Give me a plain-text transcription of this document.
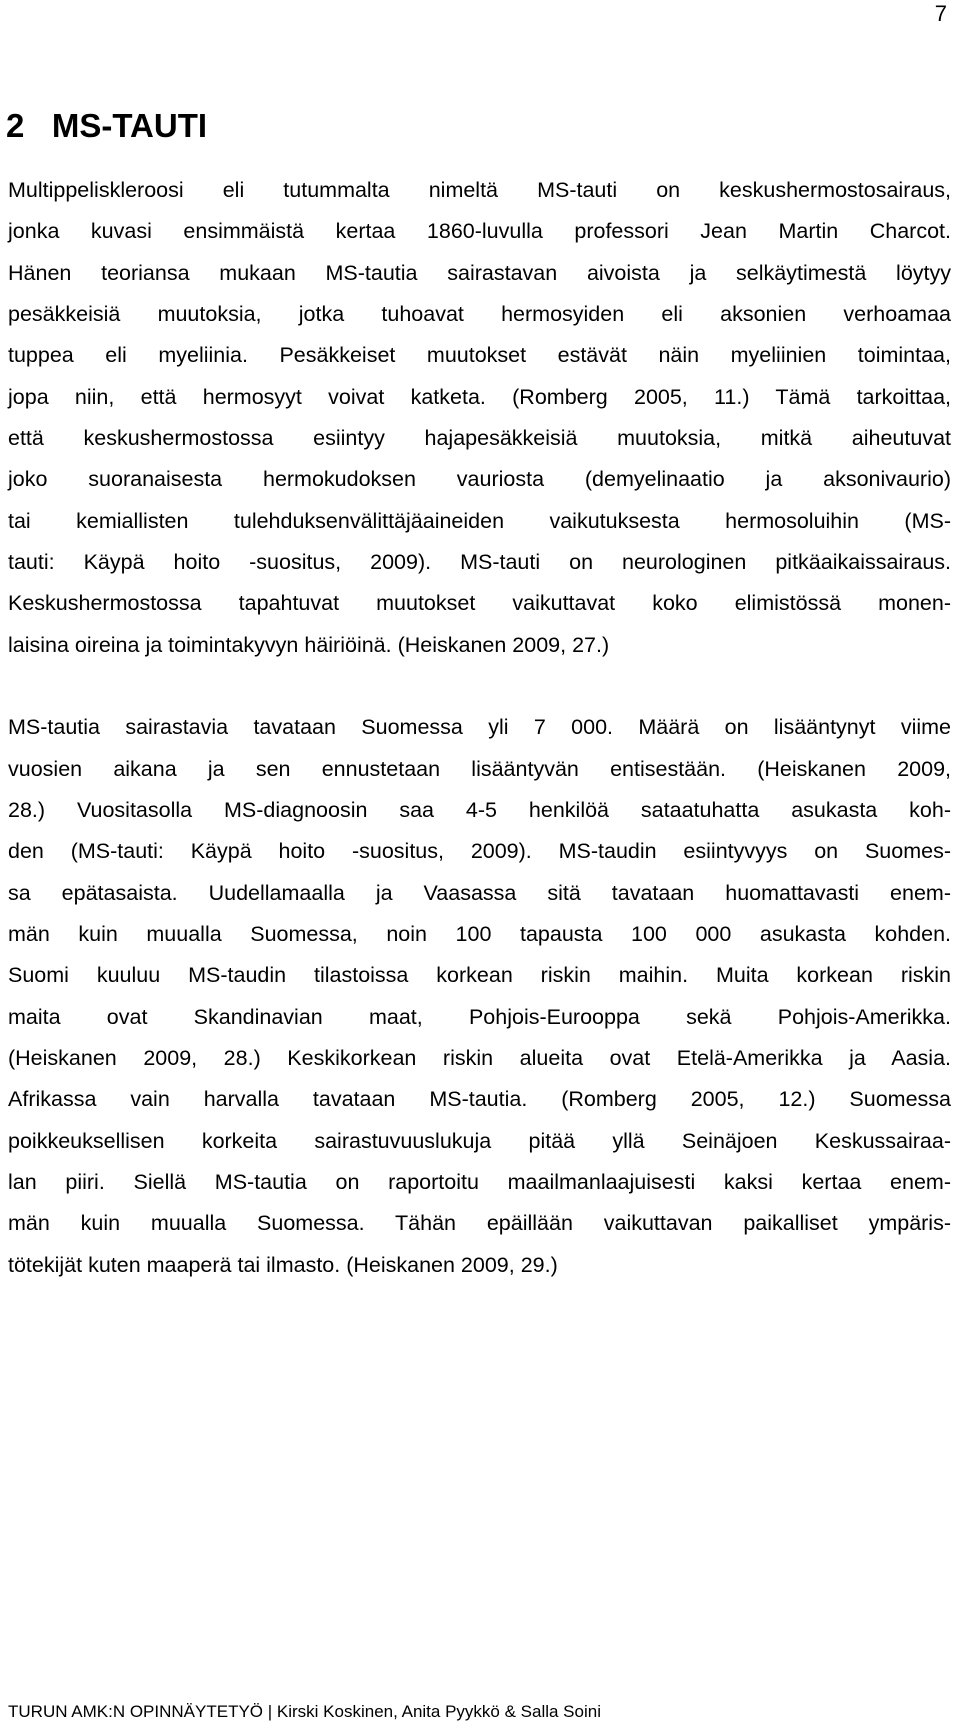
7
2   MS-TAUTI
Multippeliskleroosi eli tutummalta nimeltä MS-tauti on keskushermostosairaus,
jonka kuvasi ensimmäistä kertaa 1860-luvulla professori Jean Martin Charcot.
Hänen teoriansa mukaan MS-tautia sairastavan aivoista ja selkäytimestä löytyy
pesäkkeisiä muutoksia, jotka tuhoavat hermosyiden eli aksonien verhoamaa
tuppea eli myeliinia. Pesäkkeiset muutokset estävät näin myeliinien toimintaa,
jopa niin, että hermosyyt voivat katketa. (Romberg 2005, 11.) Tämä tarkoittaa,
että keskushermostossa esiintyy hajapesäkkeisiä muutoksia, mitkä aiheutuvat
joko suoranaisesta hermokudoksen vauriosta (demyelinaatio ja aksonivaurio)
tai kemiallisten tulehduksenvälittäjäaineiden vaikutuksesta hermosoluihin (MS-
tauti: Käypä hoito -suositus, 2009). MS-tauti on neurologinen pitkäaikaissairaus.
Keskushermostossa tapahtuvat muutokset vaikuttavat koko elimistössä monen-
laisina oireina ja toimintakyvyn häiriöinä. (Heiskanen 2009, 27.)
MS-tautia sairastavia tavataan Suomessa yli 7 000. Määrä on lisääntynyt viime
vuosien aikana ja sen ennustetaan lisääntyvän entisestään. (Heiskanen 2009,
28.) Vuositasolla MS-diagnoosin saa 4-5 henkilöä sataatuhatta asukasta koh-
den (MS-tauti: Käypä hoito -suositus, 2009). MS-taudin esiintyvyys on Suomes-
sa epätasaista. Uudellamaalla ja Vaasassa sitä tavataan huomattavasti enem-
män kuin muualla Suomessa, noin 100 tapausta 100 000 asukasta kohden.
Suomi kuuluu MS-taudin tilastoissa korkean riskin maihin. Muita korkean riskin
maita ovat Skandinavian maat, Pohjois-Eurooppa sekä Pohjois-Amerikka.
(Heiskanen 2009, 28.) Keskikorkean riskin alueita ovat Etelä-Amerikka ja Aasia.
Afrikassa vain harvalla tavataan MS-tautia. (Romberg 2005, 12.) Suomessa
poikkeuksellisen korkeita sairastuvuuslukuja pitää yllä Seinäjoen Keskussairaa-
lan piiri. Siellä MS-tautia on raportoitu maailmanlaajuisesti kaksi kertaa enem-
män kuin muualla Suomessa. Tähän epäillään vaikuttavan paikalliset ympäris-
tötekijät kuten maaperä tai ilmasto. (Heiskanen 2009, 29.)
TURUN AMK:N OPINNÄYTETYÖ | Kirski Koskinen, Anita Pyykkö & Salla Soini
